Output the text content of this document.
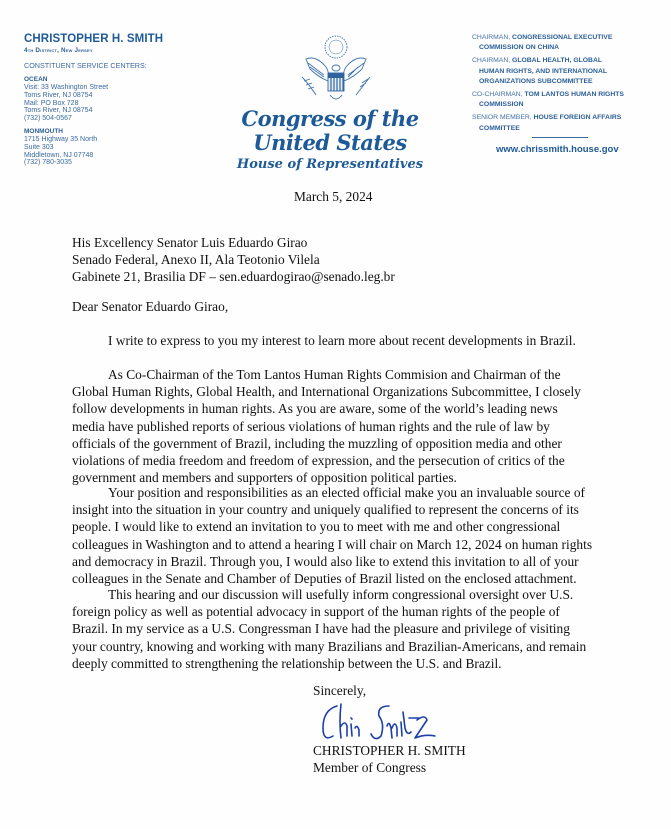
CHRISTOPHER H. SMITH
4th District, New Jersey
CONSTITUENT SERVICE CENTERS:
OCEAN
Visit: 33 Washington Street
Toms River, NJ 08754
Mail: PO Box 728
Toms River, NJ 08754
(732) 504-0567
MONMOUTH
1715 Highway 35 North
Suite 303
Middletown, NJ 07748
(732) 780-3035
Congress of the United States
House of Representatives
CHAIRMAN, CONGRESSIONAL EXECUTIVE
COMMISSION ON CHINA
CHAIRMAN, GLOBAL HEALTH, GLOBAL
HUMAN RIGHTS, AND INTERNATIONAL
ORGANIZATIONS SUBCOMMITTEE
CO-CHAIRMAN, TOM LANTOS HUMAN RIGHTS
COMMISSION
SENIOR MEMBER, HOUSE FOREIGN AFFAIRS
COMMITTEE
www.chrissmith.house.gov
March 5, 2024
His Excellency Senator Luis Eduardo Girao
Senado Federal, Anexo II, Ala Teotonio Vilela
Gabinete 21, Brasilia DF – sen.eduardogirao@senado.leg.br
Dear Senator Eduardo Girao,
I write to express to you my interest to learn more about recent developments in Brazil.
As Co-Chairman of the Tom Lantos Human Rights Commision and Chairman of the
Global Human Rights, Global Health, and International Organizations Subcommittee, I closely
follow developments in human rights. As you are aware, some of the world’s leading news
media have published reports of serious violations of human rights and the rule of law by
officials of the government of Brazil, including the muzzling of opposition media and other
violations of media freedom and freedom of expression, and the persecution of critics of the
government and members and supporters of opposition political parties.
Your position and responsibilities as an elected official make you an invaluable source of
insight into the situation in your country and uniquely qualified to represent the concerns of its
people. I would like to extend an invitation to you to meet with me and other congressional
colleagues in Washington and to attend a hearing I will chair on March 12, 2024 on human rights
and democracy in Brazil. Through you, I would also like to extend this invitation to all of your
colleagues in the Senate and Chamber of Deputies of Brazil listed on the enclosed attachment.
This hearing and our discussion will usefully inform congressional oversight over U.S.
foreign policy as well as potential advocacy in support of the human rights of the people of
Brazil. In my service as a U.S. Congressman I have had the pleasure and privilege of visiting
your country, knowing and working with many Brazilians and Brazilian-Americans, and remain
deeply committed to strengthening the relationship between the U.S. and Brazil.
Sincerely,
CHRISTOPHER H. SMITH
Member of Congress
